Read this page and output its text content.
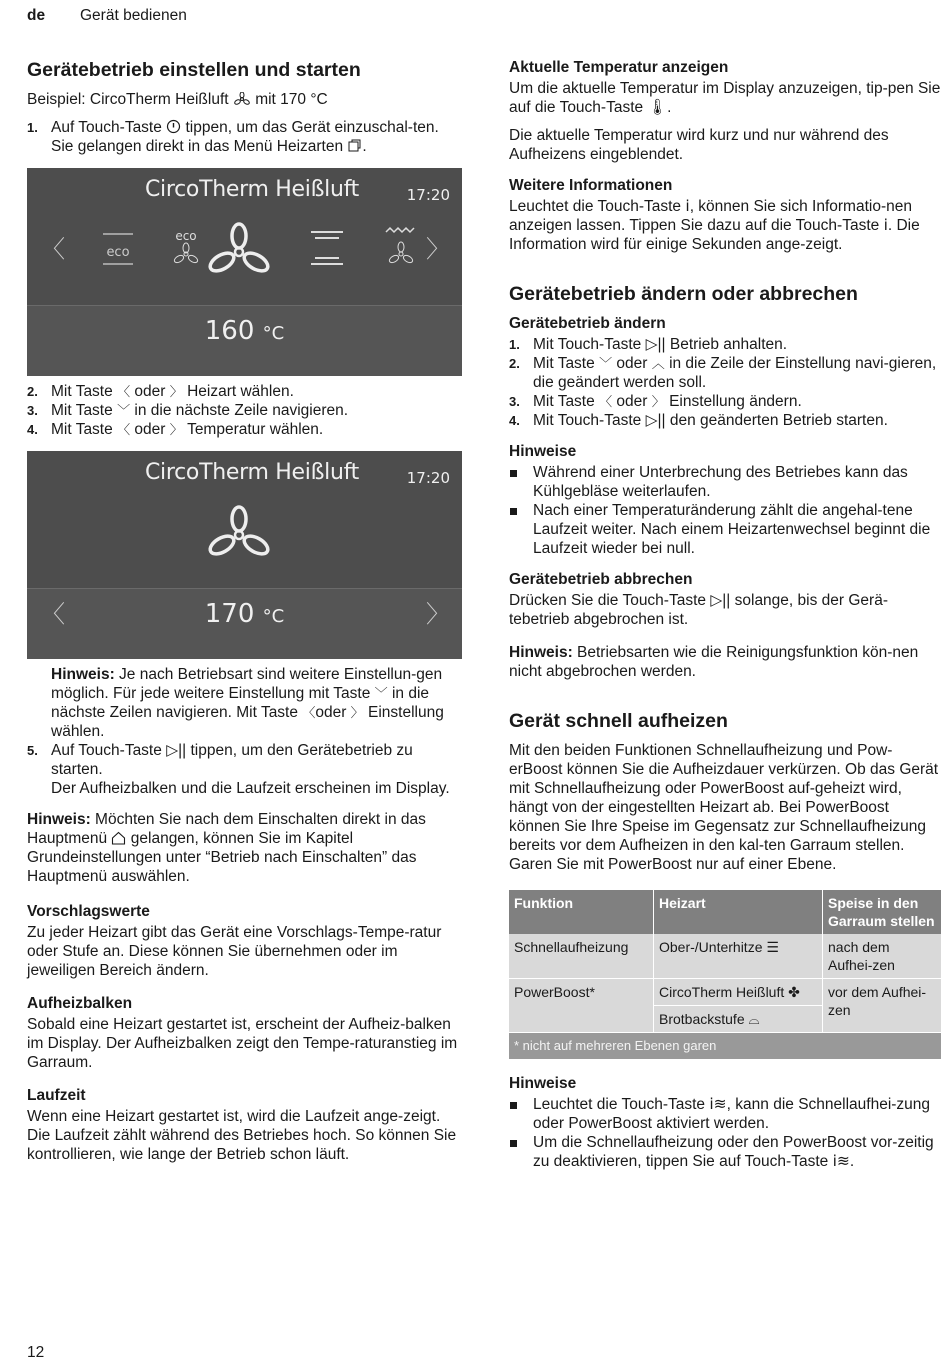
de Gerät bedienen
Gerätebetrieb einstellen und starten

Beispiel: CircoTherm Heißluft mit 170 °C

1. Auf Touch-Taste tippen, um das Gerät einzuschal-ten.
Sie gelangen direkt in das Menü Heizarten .
CircoTherm Heißluft	17:20
〈	〉
eco
eco
160 °C
2. Mit Taste 〈 oder 〉 Heizart wählen.
3. Mit Taste ﹀ in die nächste Zeile navigieren.
4. Mit Taste 〈 oder 〉 Temperatur wählen.
CircoTherm Heißluft	17:20
〈	〉
170 °C

Hinweis: Je nach Betriebsart sind weitere Einstellun-gen möglich. Für jede weitere Einstellung mit Taste ﹀ in die nächste Zeilen navigieren. Mit Taste 〈oder 〉 Einstellung wählen.

5. Auf Touch-Taste ▷|| tippen, um den Gerätebetrieb zu starten.
Der Aufheizbalken und die Laufzeit erscheinen im Display.

Hinweis: Möchten Sie nach dem Einschalten direkt in das Hauptmenü gelangen, können Sie im Kapitel Grundeinstellungen unter “Betrieb nach Einschalten” das Hauptmenü auswählen.

Vorschlagswerte

Zu jeder Heizart gibt das Gerät eine Vorschlags-Tempe-ratur oder Stufe an. Diese können Sie übernehmen oder im jeweiligen Bereich ändern.

Aufheizbalken

Sobald eine Heizart gestartet ist, erscheint der Aufheiz-balken im Display. Der Aufheizbalken zeigt den Tempe-raturanstieg im Garraum.

Laufzeit

Wenn eine Heizart gestartet ist, wird die Laufzeit ange-zeigt. Die Laufzeit zählt während des Betriebes hoch. So können Sie kontrollieren, wie lange der Betrieb schon läuft.

Aktuelle Temperatur anzeigen

Um die aktuelle Temperatur im Display anzuzeigen, tip-pen Sie auf die Touch-Taste 🌡︎.

Die aktuelle Temperatur wird kurz und nur während des Aufheizens eingeblendet.

Weitere Informationen

Leuchtet die Touch-Taste ⅰ, können Sie sich Informatio-nen anzeigen lassen. Tippen Sie dazu auf die Touch-Taste ⅰ. Die Information wird für einige Sekunden ange-zeigt.

Gerätebetrieb ändern oder abbrechen
Gerätebetrieb ändern
1. Mit Touch-Taste ▷|| Betrieb anhalten.
2. Mit Taste ﹀ oder ︿ in die Zeile der Einstellung navi-gieren, die geändert werden soll.
3. Mit Taste 〈 oder 〉 Einstellung ändern.
4. Mit Touch-Taste ▷|| den geänderten Betrieb starten.
Hinweise
Während einer Unterbrechung des Betriebes kann das Kühlgebläse weiterlaufen.
Nach einer Temperaturänderung zählt die angehal-tene Laufzeit weiter. Nach einem Heizartenwechsel beginnt die Laufzeit wieder bei null.
Gerätebetrieb abbrechen

Drücken Sie die Touch-Taste ▷|| solange, bis der Gerä-tebetrieb abgebrochen ist.

Hinweis: Betriebsarten wie die Reinigungsfunktion kön-nen nicht abgebrochen werden.

Gerät schnell aufheizen

Mit den beiden Funktionen Schnellaufheizung und Pow-erBoost können Sie die Aufheizdauer verkürzen. Ob das Gerät mit Schnellaufheizung oder PowerBoost auf-geheizt wird, hängt von der eingestellten Heizart ab. Bei PowerBoost können Sie Ihre Speise im Gegensatz zur Schnellaufheizung bereits vor dem Aufheizen in den kal-ten Garraum stellen. Garen Sie mit PowerBoost nur auf einer Ebene.

Funktion	Heizart	Speise in den Garraum stellen
Schnellaufheizung	Ober-/Unterhitze ☰	nach dem Aufhei-zen
PowerBoost*	CircoTherm Heißluft ✤	vor dem Aufhei-zen
	Brotbackstufe ⌓	
* nicht auf mehreren Ebenen garen		
Hinweise
Leuchtet die Touch-Taste ⅰ≋, kann die Schnellaufhei-zung oder PowerBoost aktiviert werden.
Um die Schnellaufheizung oder den PowerBoost vor-zeitig zu deaktivieren, tippen Sie auf Touch-Taste ⅰ≋.
12
